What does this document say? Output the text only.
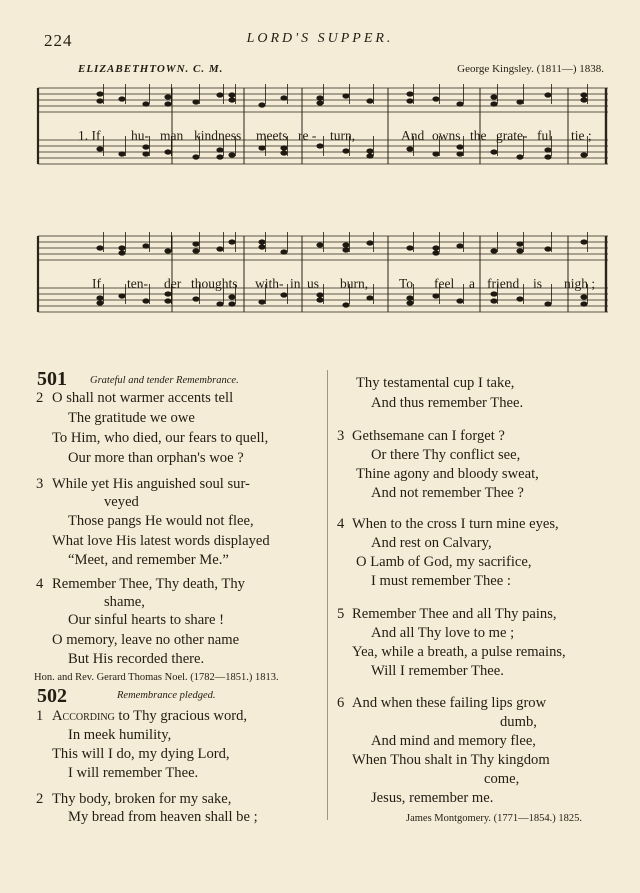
224	LORD'S SUPPER.
ELIZABETHTOWN. C. M.	George Kingsley. (1811—) 1838.
1. If hu- man kindness meets re - turn,	And owns the grate- ful tie ;
If ten- der thoughts with- in us burn, To feel a friend is nigh ;
501 Grateful and tender Remembrance.
2 O shall not warmer accents tell
The gratitude we owe
To Him, who died, our fears to quell,
Our more than orphan's woe ?
3 While yet His anguished soul sur-
veyed
Those pangs He would not flee,
What love His latest words displayed
“Meet, and remember Me.”
4 Remember Thee, Thy death, Thy
shame,
Our sinful hearts to share !
O memory, leave no other name
But His recorded there.
Hon. and Rev. Gerard Thomas Noel. (1782—1851.) 1813.
502	Remembrance pledged.
1 According to Thy gracious word,
In meek humility,
This will I do, my dying Lord,
I will remember Thee.
2 Thy body, broken for my sake,
My bread from heaven shall be ;
Thy testamental cup I take,
And thus remember Thee.
3 Gethsemane can I forget ?
Or there Thy conflict see,
Thine agony and bloody sweat,
And not remember Thee ?
4 When to the cross I turn mine eyes,
And rest on Calvary,
O Lamb of God, my sacrifice,
I must remember Thee :
5 Remember Thee and all Thy pains,
And all Thy love to me ;
Yea, while a breath, a pulse remains,
Will I remember Thee.
6 And when these failing lips grow
dumb,
And mind and memory flee,
When Thou shalt in Thy kingdom
come,
Jesus, remember me.
James Montgomery. (1771—1854.) 1825.
